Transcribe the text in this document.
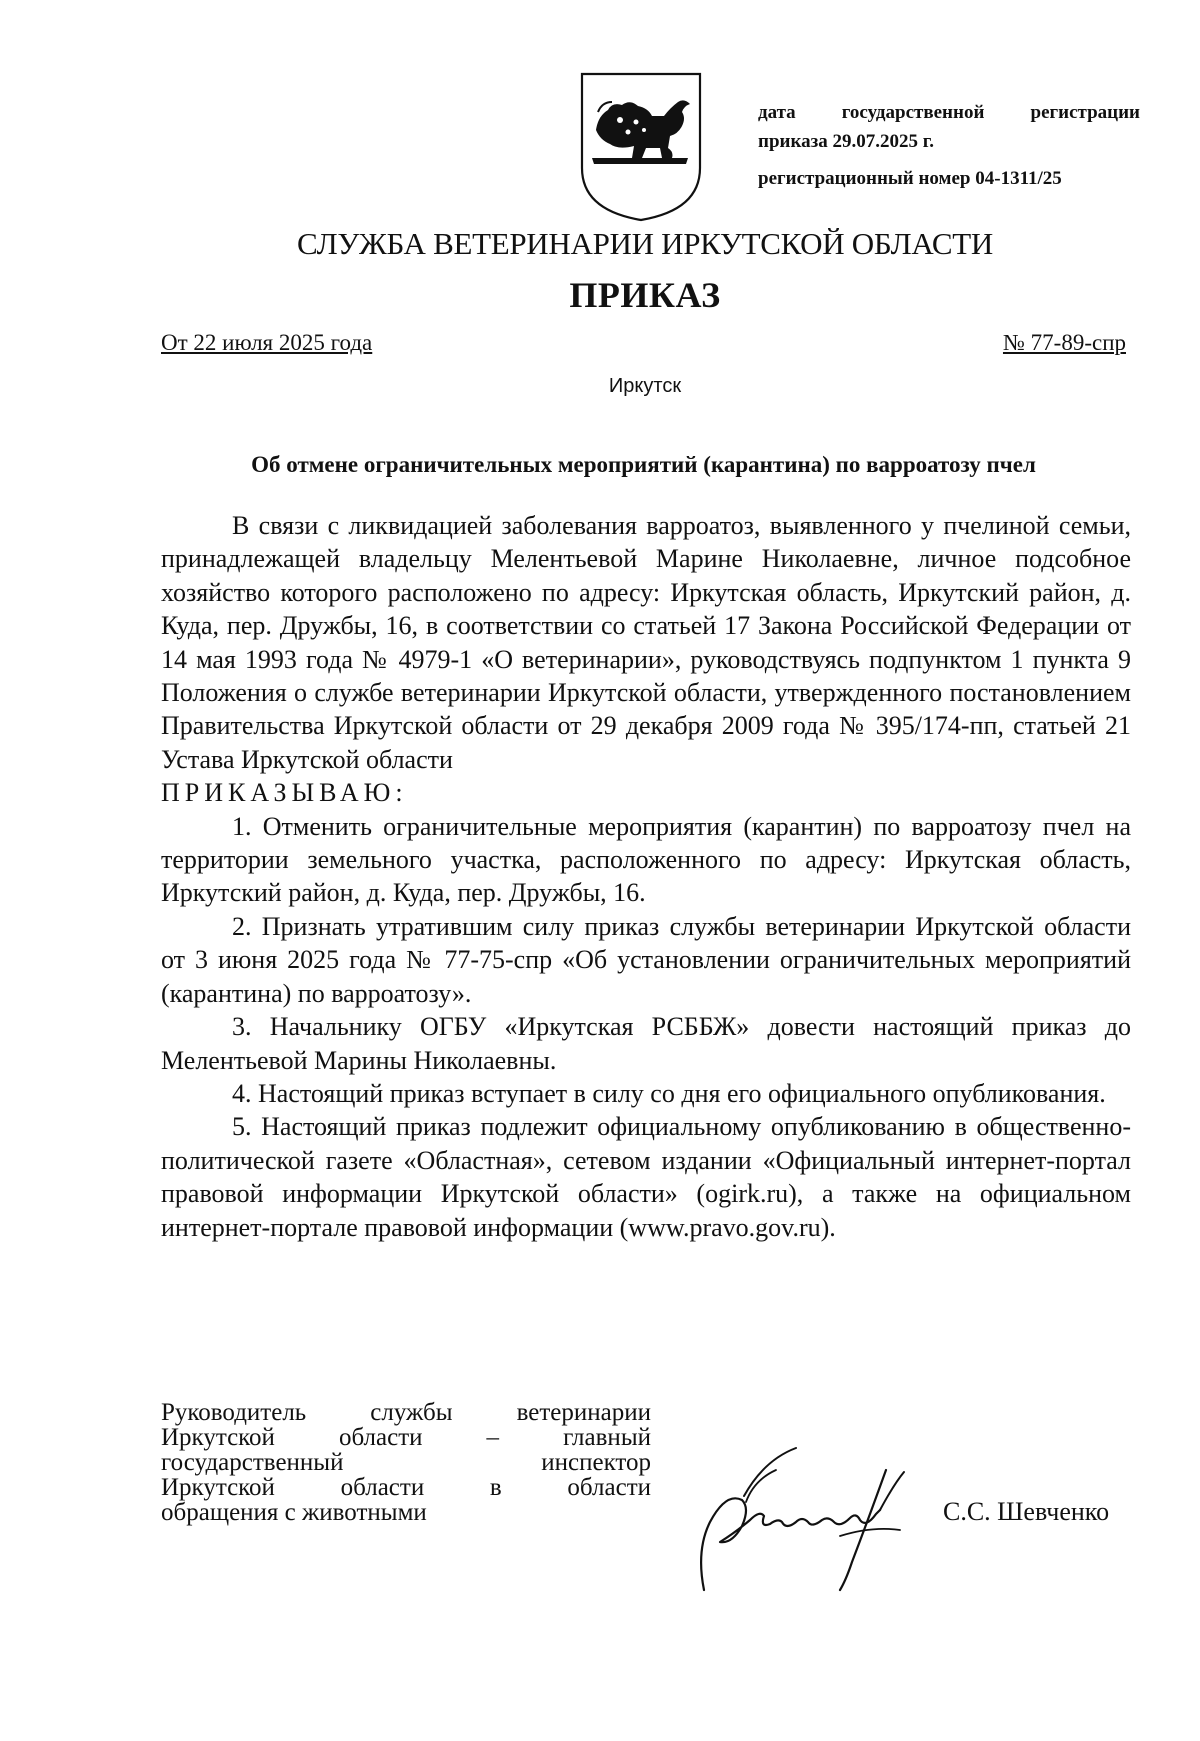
дата государственной регистрации
приказа 29.07.2025 г.
регистрационный номер 04-1311/25
СЛУЖБА ВЕТЕРИНАРИИ ИРКУТСКОЙ ОБЛАСТИ
ПРИКАЗ
От 22 июля 2025 года	№ 77-89-спр
Иркутск
Об отмене ограничительных мероприятий (карантина) по варроатозу пчел

В связи с ликвидацией заболевания варроатоз, выявленного у пчелиной семьи, принадлежащей владельцу Мелентьевой Марине Николаевне, личное подсобное хозяйство которого расположено по адресу: Иркутская область, Иркутский район, д. Куда, пер. Дружбы, 16, в соответствии со статьей 17 Закона Российской Федерации от 14 мая 1993 года № 4979-1 «О ветеринарии», руководствуясь подпунктом 1 пункта 9 Положения о службе ветеринарии Иркутской области, утвержденного постановлением Правительства Иркутской области от 29 декабря 2009 года № 395/174-пп, статьей 21 Устава Иркутской области

ПРИКАЗЫВАЮ:

1. Отменить ограничительные мероприятия (карантин) по варроатозу пчел на территории земельного участка, расположенного по адресу: Иркутская область, Иркутский район, д. Куда, пер. Дружбы, 16.

2. Признать утратившим силу приказ службы ветеринарии Иркутской области от 3 июня 2025 года № 77-75-спр «Об установлении ограничительных мероприятий (карантина) по варроатозу».

3. Начальнику ОГБУ «Иркутская РСББЖ» довести настоящий приказ до Мелентьевой Марины Николаевны.

4. Настоящий приказ вступает в силу со дня его официального опубликования.

5. Настоящий приказ подлежит официальному опубликованию в общественно-политической газете «Областная», сетевом издании «Официальный интернет-портал правовой информации Иркутской области» (ogirk.ru), а также на официальном интернет-портале правовой информации (www.pravo.gov.ru).

Руководитель службы ветеринарии
Иркутской области – главный
государственный инспектор
Иркутской области в области
обращения с животными	С.С. Шевченко
